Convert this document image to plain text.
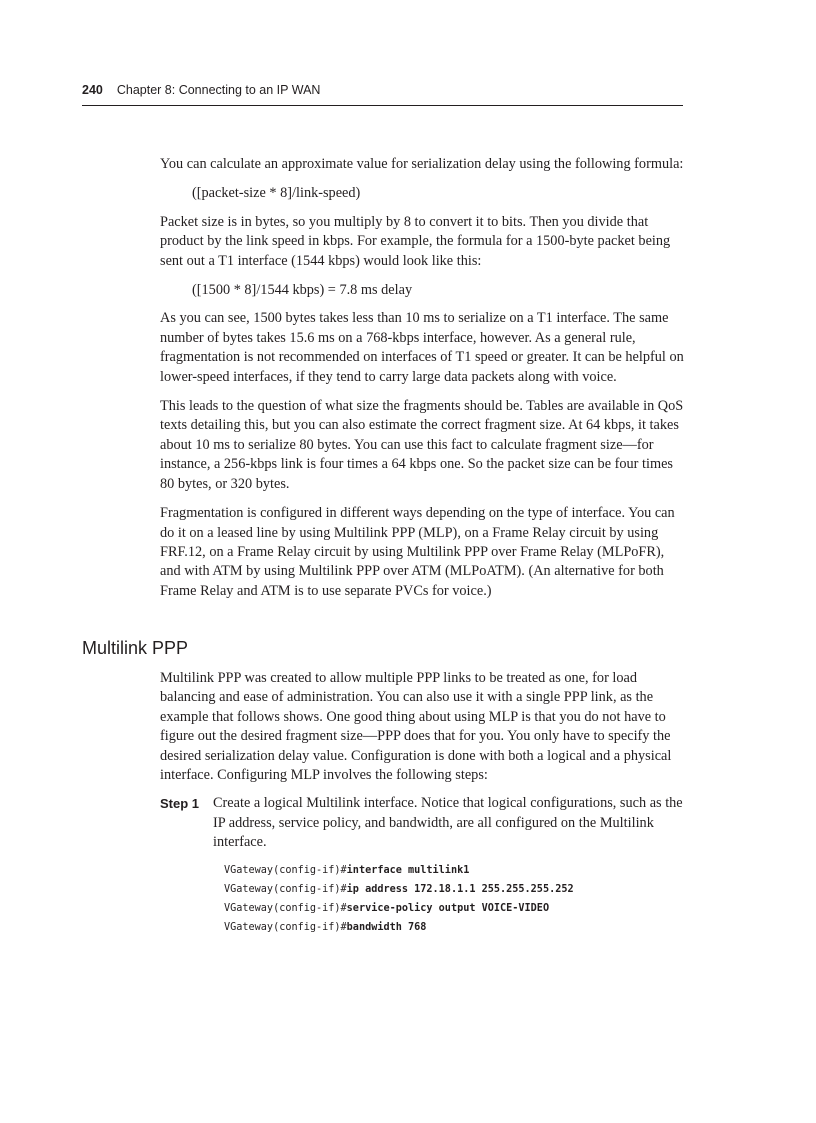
240 Chapter 8: Connecting to an IP WAN

You can calculate an approximate value for serialization delay using the following formula:

([packet-size * 8]/link-speed)

Packet size is in bytes, so you multiply by 8 to convert it to bits. Then you divide that product by the link speed in kbps. For example, the formula for a 1500-byte packet being sent out a T1 interface (1544 kbps) would look like this:

([1500 * 8]/1544 kbps) = 7.8 ms delay

As you can see, 1500 bytes takes less than 10 ms to serialize on a T1 interface. The same number of bytes takes 15.6 ms on a 768-kbps interface, however. As a general rule, fragmentation is not recommended on interfaces of T1 speed or greater. It can be helpful on lower-speed interfaces, if they tend to carry large data packets along with voice.

This leads to the question of what size the fragments should be. Tables are available in QoS texts detailing this, but you can also estimate the correct fragment size. At 64 kbps, it takes about 10 ms to serialize 80 bytes. You can use this fact to calculate fragment size—for instance, a 256-kbps link is four times a 64 kbps one. So the packet size can be four times 80 bytes, or 320 bytes.

Fragmentation is configured in different ways depending on the type of interface. You can do it on a leased line by using Multilink PPP (MLP), on a Frame Relay circuit by using FRF.12, on a Frame Relay circuit by using Multilink PPP over Frame Relay (MLPoFR), and with ATM by using Multilink PPP over ATM (MLPoATM). (An alternative for both Frame Relay and ATM is to use separate PVCs for voice.)

Multilink PPP

Multilink PPP was created to allow multiple PPP links to be treated as one, for load balancing and ease of administration. You can also use it with a single PPP link, as the example that follows shows. One good thing about using MLP is that you do not have to figure out the desired fragment size—PPP does that for you. You only have to specify the desired serialization delay value. Configuration is done with both a logical and a physical interface. Configuring MLP involves the following steps:

Step 1 Create a logical Multilink interface. Notice that logical configurations, such as the IP address, service policy, and bandwidth, are all configured on the Multilink interface.
VGateway(config-if)#interface multilink1
VGateway(config-if)#ip address 172.18.1.1 255.255.255.252
VGateway(config-if)#service-policy output VOICE-VIDEO
VGateway(config-if)#bandwidth 768
